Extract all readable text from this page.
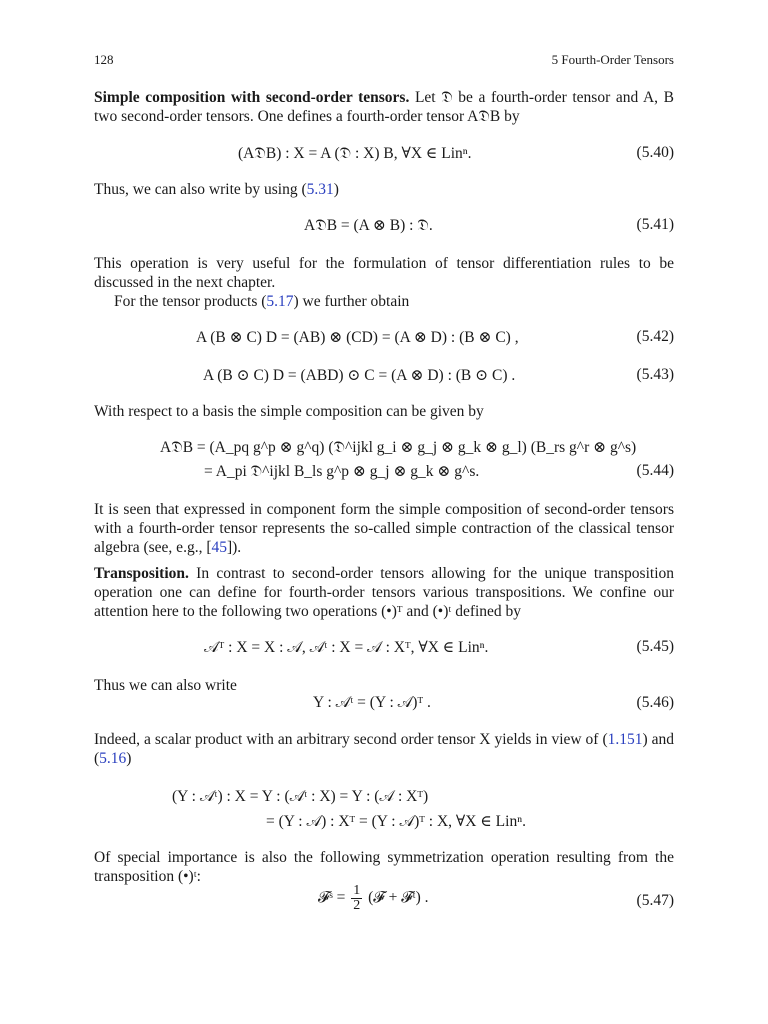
128	5 Fourth-Order Tensors
Simple composition with second-order tensors. Let 𝔇 be a fourth-order tensor and A, B two second-order tensors. One defines a fourth-order tensor A𝔇B by
(A𝔇B) : X = A (𝔇 : X) B, ∀X ∈ Linⁿ.	(5.40)
Thus, we can also write by using (5.31)
A𝔇B = (A ⊗ B) : 𝔇.	(5.41)
This operation is very useful for the formulation of tensor differentiation rules to be discussed in the next chapter.
For the tensor products (5.17) we further obtain
A (B ⊗ C) D = (AB) ⊗ (CD) = (A ⊗ D) : (B ⊗ C) ,	(5.42)
A (B ⊙ C) D = (ABD) ⊙ C = (A ⊗ D) : (B ⊙ C) .	(5.43)
With respect to a basis the simple composition can be given by
A𝔇B = (A_pq g^p ⊗ g^q) (𝔇^ijkl g_i ⊗ g_j ⊗ g_k ⊗ g_l) (B_rs g^r ⊗ g^s)
= A_pi 𝔇^ijkl B_ls g^p ⊗ g_j ⊗ g_k ⊗ g^s.	(5.44)
It is seen that expressed in component form the simple composition of second-order tensors with a fourth-order tensor represents the so-called simple contraction of the classical tensor algebra (see, e.g., [45]).
Transposition. In contrast to second-order tensors allowing for the unique transposition operation one can define for fourth-order tensors various transpositions. We confine our attention here to the following two operations (•)ᵀ and (•)ᵗ defined by
𝒜ᵀ : X = X : 𝒜, 𝒜ᵗ : X = 𝒜 : Xᵀ, ∀X ∈ Linⁿ.	(5.45)
Thus we can also write
Y : 𝒜ᵗ = (Y : 𝒜)ᵀ .	(5.46)
Indeed, a scalar product with an arbitrary second order tensor X yields in view of (1.151) and (5.16)
(Y : 𝒜ᵗ) : X = Y : (𝒜ᵗ : X) = Y : (𝒜 : Xᵀ)
= (Y : 𝒜) : Xᵀ = (Y : 𝒜)ᵀ : X, ∀X ∈ Linⁿ.
Of special importance is also the following symmetrization operation resulting from the transposition (•)ᵗ:
𝓕ˢ = $\frac{1}{2}$ (𝓕 + 𝓕ᵗ) .	(5.47)
